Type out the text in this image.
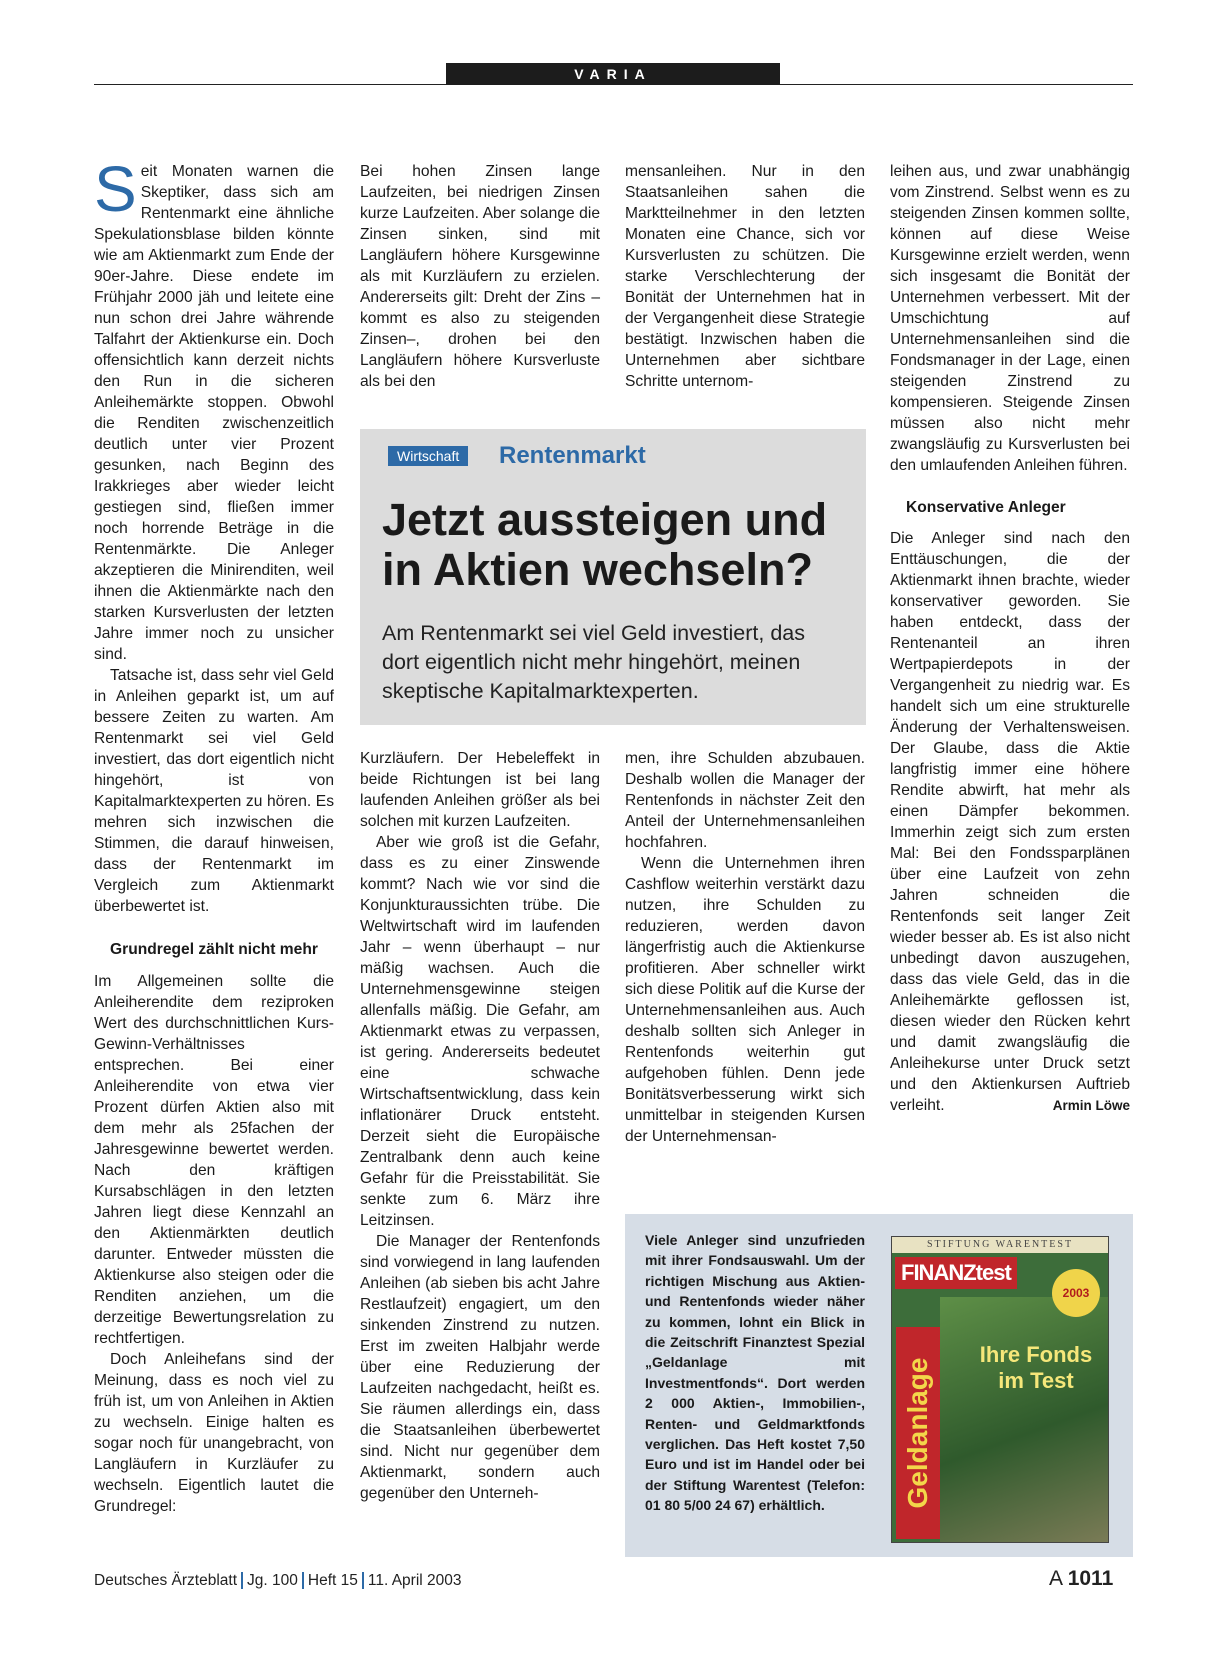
VARIA

Seit Monaten warnen die Skeptiker, dass sich am Rentenmarkt eine ähnliche Spekulationsblase bilden könnte wie am Aktienmarkt zum Ende der 90er-Jahre. Diese endete im Frühjahr 2000 jäh und leitete eine nun schon drei Jahre währende Talfahrt der Aktienkurse ein. Doch offensichtlich kann derzeit nichts den Run in die sicheren Anleihemärkte stoppen. Obwohl die Renditen zwischenzeitlich deutlich unter vier Prozent gesunken, nach Beginn des Irakkrieges aber wieder leicht gestiegen sind, fließen immer noch horrende Beträge in die Rentenmärkte. Die Anleger akzeptieren die Minirenditen, weil ihnen die Aktienmärkte nach den starken Kursverlusten der letzten Jahre immer noch zu unsicher sind.

Tatsache ist, dass sehr viel Geld in Anleihen geparkt ist, um auf bessere Zeiten zu warten. Am Rentenmarkt sei viel Geld investiert, das dort eigentlich nicht hingehört, ist von Kapitalmarktexperten zu hören. Es mehren sich inzwischen die Stimmen, die darauf hinweisen, dass der Rentenmarkt im Vergleich zum Aktienmarkt überbewertet ist.

Grundregel zählt nicht mehr

Im Allgemeinen sollte die Anleiherendite dem reziproken Wert des durchschnittlichen Kurs-Gewinn-Verhältnisses entsprechen. Bei einer Anleiherendite von etwa vier Prozent dürfen Aktien also mit dem mehr als 25fachen der Jahresgewinne bewertet werden. Nach den kräftigen Kursabschlägen in den letzten Jahren liegt diese Kennzahl an den Aktienmärkten deutlich darunter. Entweder müssten die Aktienkurse also steigen oder die Renditen anziehen, um die derzeitige Bewertungsrelation zu rechtfertigen.

Doch Anleihefans sind der Meinung, dass es noch viel zu früh ist, um von Anleihen in Aktien zu wechseln. Einige halten es sogar noch für unangebracht, von Langläufern in Kurzläufer zu wechseln. Eigentlich lautet die Grundregel:

Bei hohen Zinsen lange Laufzeiten, bei niedrigen Zinsen kurze Laufzeiten. Aber solange die Zinsen sinken, sind mit Langläufern höhere Kursgewinne als mit Kurzläufern zu erzielen. Andererseits gilt: Dreht der Zins – kommt es also zu steigenden Zinsen–, drohen bei den Langläufern höhere Kursverluste als bei den

mensanleihen. Nur in den Staatsanleihen sahen die Marktteilnehmer in den letzten Monaten eine Chance, sich vor Kursverlusten zu schützen. Die starke Verschlechterung der Bonität der Unternehmen hat in der Vergangenheit diese Strategie bestätigt. Inzwischen haben die Unternehmen aber sichtbare Schritte unternom-

Wirtschaft	Rentenmarkt
Jetzt aussteigen und in Aktien wechseln?
Am Rentenmarkt sei viel Geld investiert, das dort eigentlich nicht mehr hingehört, meinen skeptische Kapitalmarktexperten.

Kurzläufern. Der Hebeleffekt in beide Richtungen ist bei lang laufenden Anleihen größer als bei solchen mit kurzen Laufzeiten.

Aber wie groß ist die Gefahr, dass es zu einer Zinswende kommt? Nach wie vor sind die Konjunkturaussichten trübe. Die Weltwirtschaft wird im laufenden Jahr – wenn überhaupt – nur mäßig wachsen. Auch die Unternehmensgewinne steigen allenfalls mäßig. Die Gefahr, am Aktienmarkt etwas zu verpassen, ist gering. Andererseits bedeutet eine schwache Wirtschaftsentwicklung, dass kein inflationärer Druck entsteht. Derzeit sieht die Europäische Zentralbank denn auch keine Gefahr für die Preisstabilität. Sie senkte zum 6. März ihre Leitzinsen.

Die Manager der Rentenfonds sind vorwiegend in lang laufenden Anleihen (ab sieben bis acht Jahre Restlaufzeit) engagiert, um den sinkenden Zinstrend zu nutzen. Erst im zweiten Halbjahr werde über eine Reduzierung der Laufzeiten nachgedacht, heißt es. Sie räumen allerdings ein, dass die Staatsanleihen überbewertet sind. Nicht nur gegenüber dem Aktienmarkt, sondern auch gegenüber den Unterneh-

men, ihre Schulden abzubauen. Deshalb wollen die Manager der Rentenfonds in nächster Zeit den Anteil der Unternehmensanleihen hochfahren.

Wenn die Unternehmen ihren Cashflow weiterhin verstärkt dazu nutzen, ihre Schulden zu reduzieren, werden davon längerfristig auch die Aktienkurse profitieren. Aber schneller wirkt sich diese Politik auf die Kurse der Unternehmensanleihen aus. Auch deshalb sollten sich Anleger in Rentenfonds weiterhin gut aufgehoben fühlen. Denn jede Bonitätsverbesserung wirkt sich unmittelbar in steigenden Kursen der Unternehmensan-

leihen aus, und zwar unabhängig vom Zinstrend. Selbst wenn es zu steigenden Zinsen kommen sollte, können auf diese Weise Kursgewinne erzielt werden, wenn sich insgesamt die Bonität der Unternehmen verbessert. Mit der Umschichtung auf Unternehmensanleihen sind die Fondsmanager in der Lage, einen steigenden Zinstrend zu kompensieren. Steigende Zinsen müssen also nicht mehr zwangsläufig zu Kursverlusten bei den umlaufenden Anleihen führen.

Konservative Anleger

Die Anleger sind nach den Enttäuschungen, die der Aktienmarkt ihnen brachte, wieder konservativer geworden. Sie haben entdeckt, dass der Rentenanteil an ihren Wertpapierdepots in der Vergangenheit zu niedrig war. Es handelt sich um eine strukturelle Änderung der Verhaltensweisen. Der Glaube, dass die Aktie langfristig immer eine höhere Rendite abwirft, hat mehr als einen Dämpfer bekommen. Immerhin zeigt sich zum ersten Mal: Bei den Fondssparplänen über eine Laufzeit von zehn Jahren schneiden die Rentenfonds seit langer Zeit wieder besser ab. Es ist also nicht unbedingt davon auszugehen, dass das viele Geld, das in die Anleihemärkte geflossen ist, diesen wieder den Rücken kehrt und damit zwangsläufig die Anleihekurse unter Druck setzt und den Aktienkursen Auftrieb verleiht.	Armin Löwe

Viele Anleger sind unzufrieden mit ihrer Fondsauswahl. Um der richtigen Mischung aus Aktien- und Rentenfonds wieder näher zu kommen, lohnt ein Blick in die Zeitschrift Finanztest Spezial „Geldanlage mit Investmentfonds“. Dort werden 2 000 Aktien-, Immobilien-, Renten- und Geldmarktfonds verglichen. Das Heft kostet 7,50 Euro und ist im Handel oder bei der Stiftung Warentest (Telefon: 01 80 5/00 24 67) erhältlich.
STIFTUNG WARENTEST
FINANZtest
2003
Geldanlage
Ihre Fonds im Test
Deutsches Ärzteblatt Jg. 100 Heft 15 11. April 2003	A 1011
